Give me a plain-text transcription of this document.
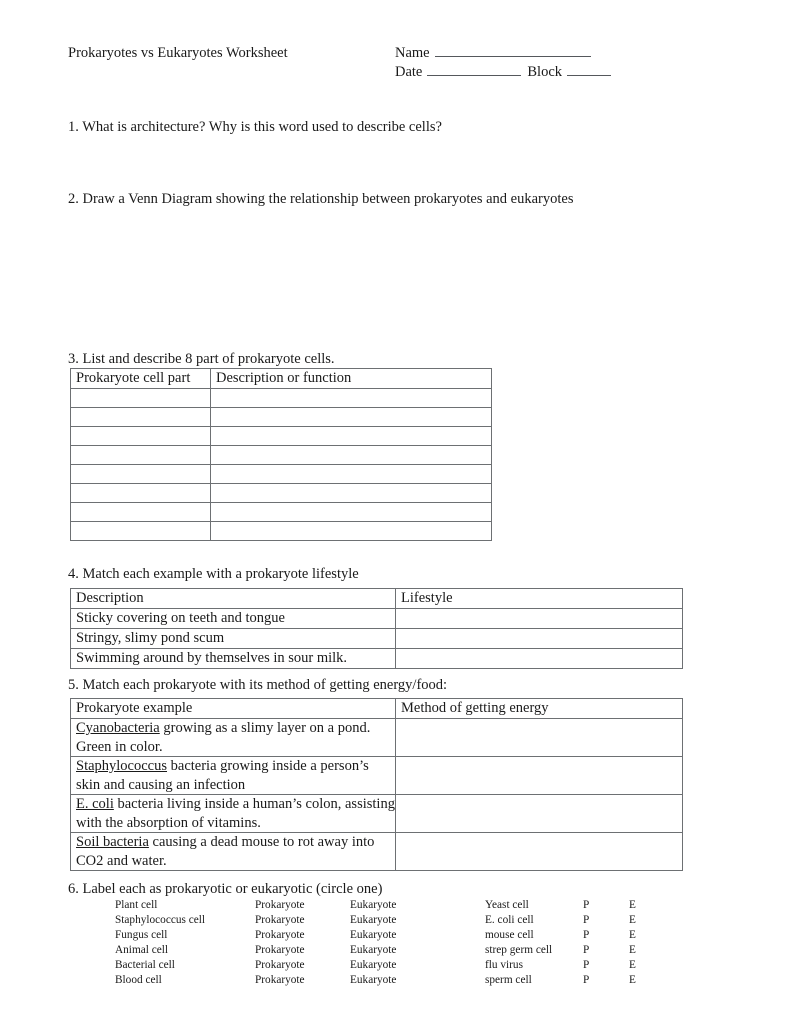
Prokaryotes vs Eukaryotes Worksheet	Name
Date	Block
1. What is architecture? Why is this word used to describe cells?
2. Draw a Venn Diagram showing the relationship between prokaryotes and eukaryotes
3. List and describe 8 part of prokaryote cells.
4. Match each example with a prokaryote lifestyle
5. Match each prokaryote with its method of getting energy/food:
6. Label each as prokaryotic or eukaryotic (circle one)
Prokaryote cell part	Description or function

Description	Lifestyle
Sticky covering on teeth and tongue	
Stringy, slimy pond scum	
Swimming around by themselves in sour milk.	
Prokaryote example	Method of getting energy
Cyanobacteria growing as a slimy layer on a pond. Green in color.	
Staphylococcus bacteria growing inside a person’s skin and causing an infection	
E. coli bacteria living inside a human’s colon, assisting with the absorption of vitamins.	
Soil bacteria causing a dead mouse to rot away into CO2 and water.	
Plant cell	Prokaryote	Eukaryote	Yeast cell	P	E
Staphylococcus cell	Prokaryote	Eukaryote	E. coli cell	P	E
Fungus cell	Prokaryote	Eukaryote	mouse cell	P	E
Animal cell	Prokaryote	Eukaryote	strep germ cell	P	E
Bacterial cell	Prokaryote	Eukaryote	flu virus	P	E
Blood cell	Prokaryote	Eukaryote	sperm cell	P	E
